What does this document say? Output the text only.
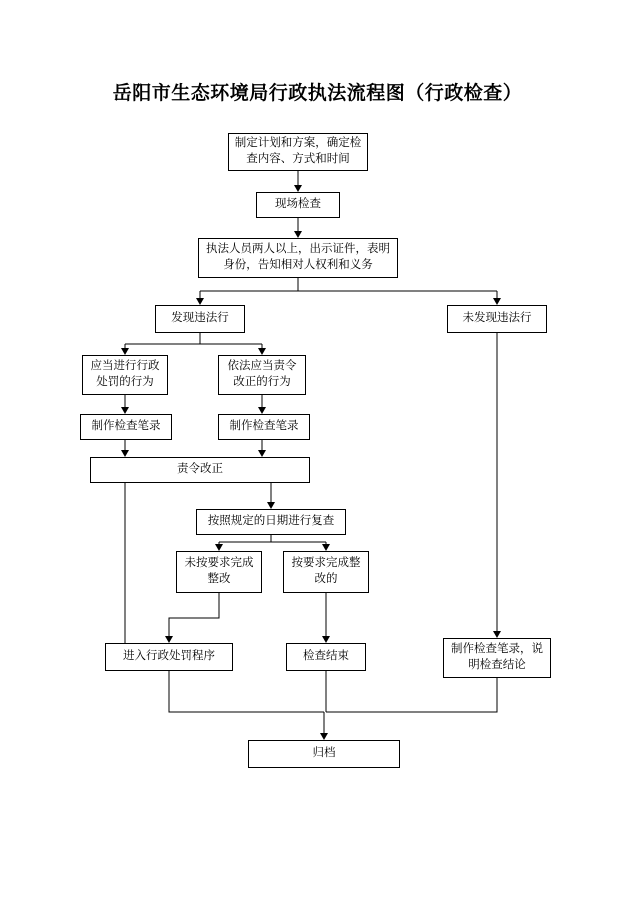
岳阳市生态环境局行政执法流程图（行政检查）
制定计划和方案，确定检查内容、方式和时间
现场检查
执法人员两人以上，出示证件，表明身份，告知相对人权利和义务
发现违法行	未发现违法行
应当进行行政处罚的行为
依法应当责令改正的行为
制作检查笔录	制作检查笔录
责令改正
按照规定的日期进行复查
未按要求完成整改
按要求完成整改的
进入行政处罚程序	检查结束
制作检查笔录，说明检查结论
归档
